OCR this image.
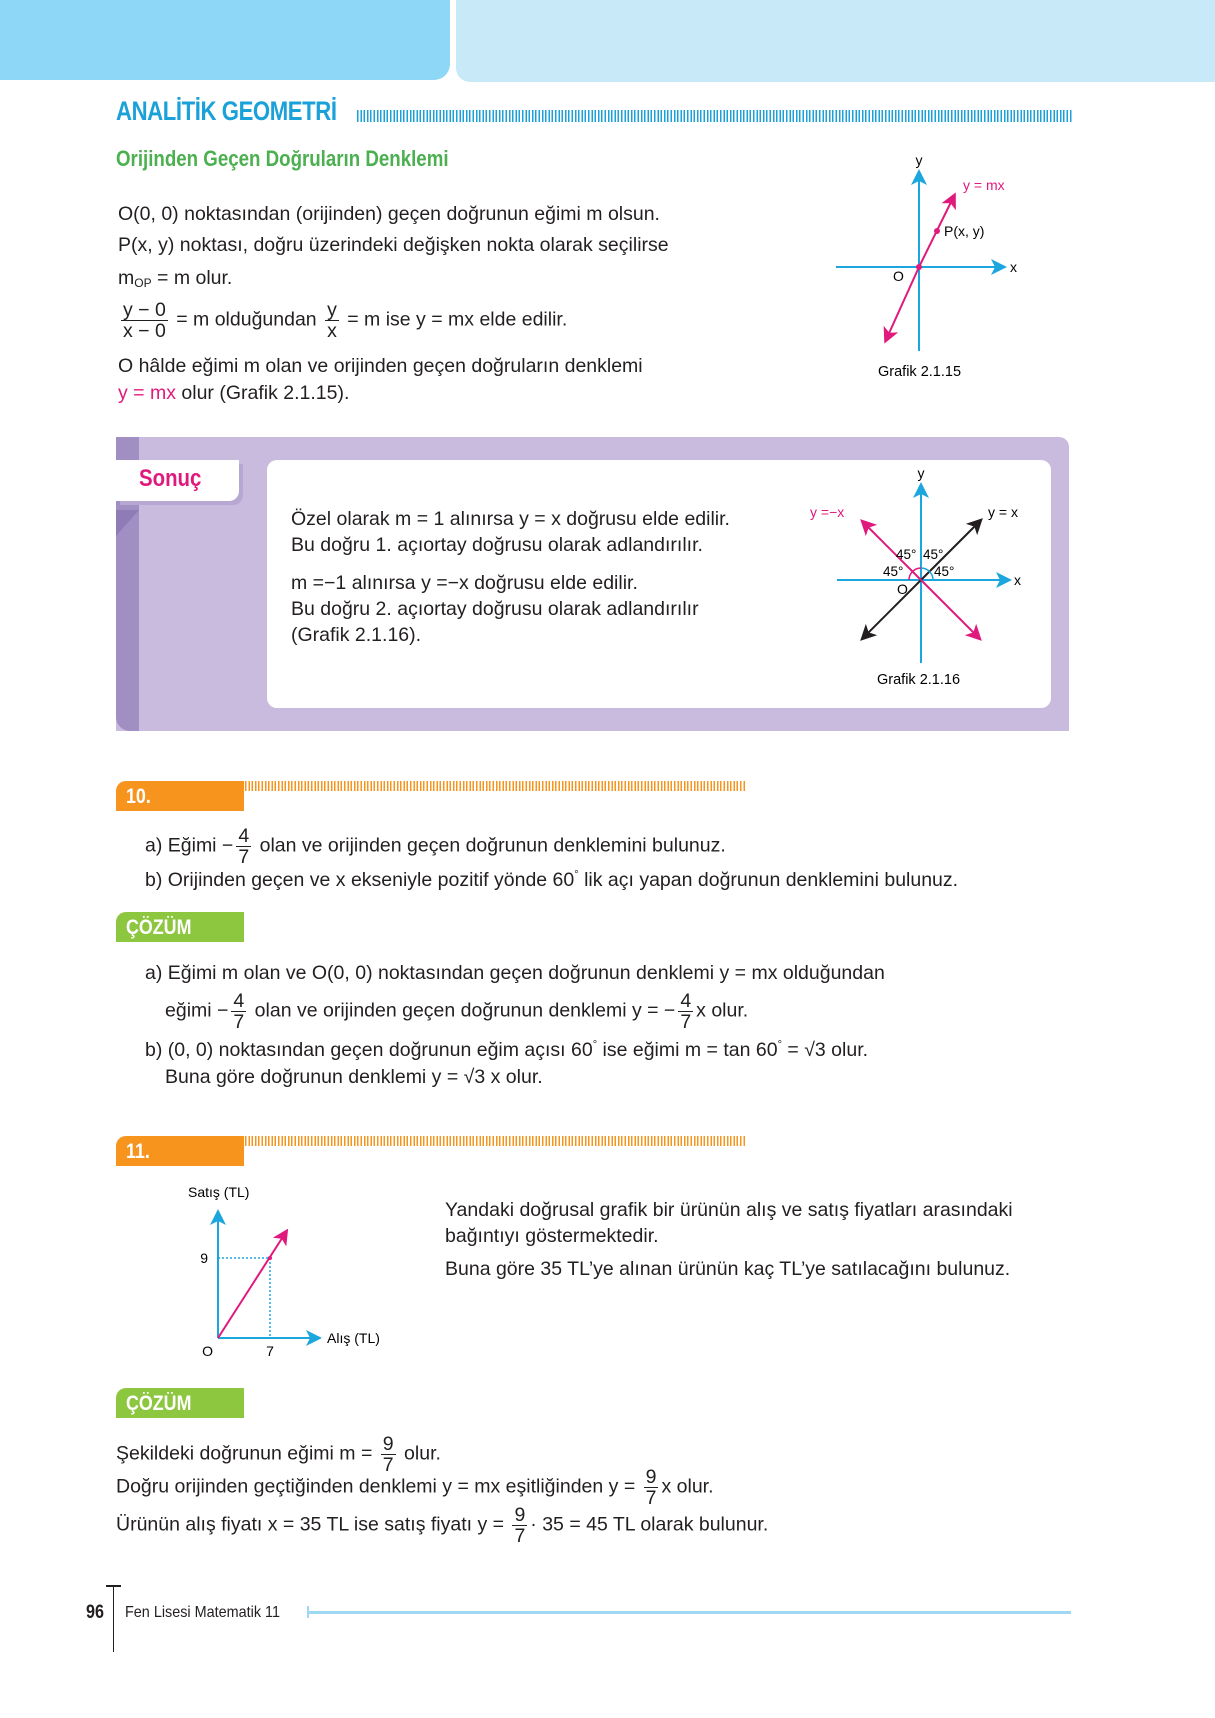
ANALİTİK GEOMETRİ
Orijinden Geçen Doğruların Denklemi
O(0, 0) noktasından (orijinden) geçen doğrunun eğimi m olsun.
P(x, y) noktası, doğru üzerindeki değişken nokta olarak seçilirse
$m_{OP} = m$ olur.
$\frac{y - 0}{x - 0} = m$ olduğundan $\frac{y}{x} = m$ ise y = mx elde edilir.
O hâlde eğimi m olan ve orijinden geçen doğruların denklemi
y = mx olur (Grafik 2.1.15).
y
x
O
y = mx
P(x, y)
Grafik 2.1.15
Sonuç
Özel olarak m = 1 alınırsa y = x doğrusu elde edilir.
Bu doğru 1. açıortay doğrusu olarak adlandırılır.
m =−1 alınırsa y =−x doğrusu elde edilir.
Bu doğru 2. açıortay doğrusu olarak adlandırılır
(Grafik 2.1.16).
y
x
O
y =−x	y = x
45° 45°
45° 45°
Grafik 2.1.16
10. ÖRNEK
a) Eğimi − $\frac{4}{7}$ olan ve orijinden geçen doğrunun denklemini bulunuz.
b) Orijinden geçen ve x ekseniyle pozitif yönde 60° lik açı yapan doğrunun denklemini bulunuz.
ÇÖZÜM
a) Eğimi m olan ve O(0, 0) noktasından geçen doğrunun denklemi y = mx olduğundan
eğimi − $\frac{4}{7}$ olan ve orijinden geçen doğrunun denklemi y = − $\frac{4}{7}$ x olur.
b) (0, 0) noktasından geçen doğrunun eğim açısı 60° ise eğimi m = tan 60° = √3 olur.
Buna göre doğrunun denklemi y = √3 x olur.
11. ÖRNEK
Satış (TL)
Alış (TL)
9
7
O
Yandaki doğrusal grafik bir ürünün alış ve satış fiyatları arasındaki
bağıntıyı göstermektedir.
Buna göre 35 TL’ye alınan ürünün kaç TL’ye satılacağını bulunuz.
ÇÖZÜM
Şekildeki doğrunun eğimi $m = \frac{9}{7}$ olur.
Doğru orijinden geçtiğinden denklemi y = mx eşitliğinden $y = \frac{9}{7}$ x olur.
Ürünün alış fiyatı x = 35 TL ise satış fiyatı $y = \frac{9}{7} \cdot 35 = 45$ TL olarak bulunur.
96 Fen Lisesi Matematik 11
